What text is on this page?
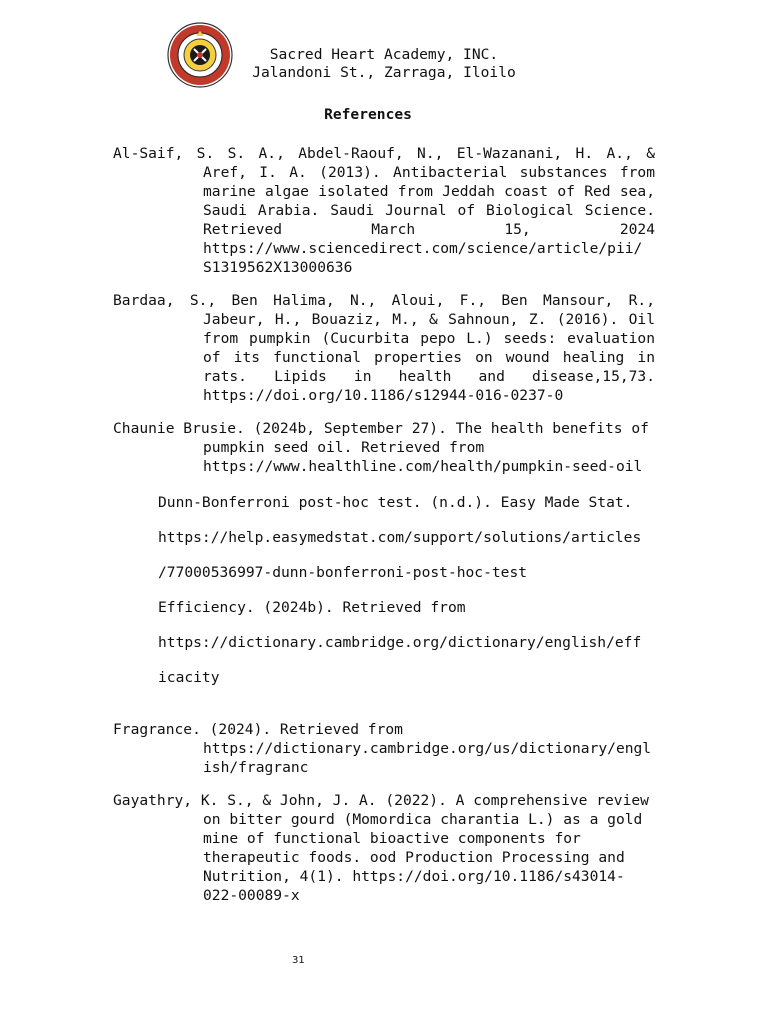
Sacred Heart Academy, INC.
Jalandoni St., Zarraga, Iloilo
References

Al-Saif, S. S. A., Abdel-Raouf, N., El-Wazanani, H. A., & Aref, I. A. (2013). Antibacterial substances from marine algae isolated from Jeddah coast of Red sea, Saudi Arabia. Saudi Journal of Biological Science. Retrieved March 15, 2024 https://www.sciencedirect.com/science/article/pii/ S1319562X13000636

Bardaa, S., Ben Halima, N., Aloui, F., Ben Mansour, R., Jabeur, H., Bouaziz, M., & Sahnoun, Z. (2016). Oil from pumpkin (Cucurbita pepo L.) seeds: evaluation of its functional properties on wound healing in rats. Lipids in health and disease,15,73. https://doi.org/10.1186/s12944-016-0237-0

Chaunie Brusie. (2024b, September 27). The health benefits of pumpkin seed oil. Retrieved from https://www.healthline.com/health/pumpkin-seed-oil

Dunn-Bonferroni post-hoc test. (n.d.). Easy Made Stat.
https://help.easymedstat.com/support/solutions/articles
/77000536997-dunn-bonferroni-post-hoc-test
Efficiency. (2024b). Retrieved from
https://dictionary.cambridge.org/dictionary/english/eff
icacity

Fragrance. (2024). Retrieved from https://dictionary.cambridge.org/us/dictionary/english/fragranc

Gayathry, K. S., & John, J. A. (2022). A comprehensive review on bitter gourd (Momordica charantia L.) as a gold mine of functional bioactive components for therapeutic foods. ood Production Processing and Nutrition, 4(1). https://doi.org/10.1186/s43014-022-00089-x

31
